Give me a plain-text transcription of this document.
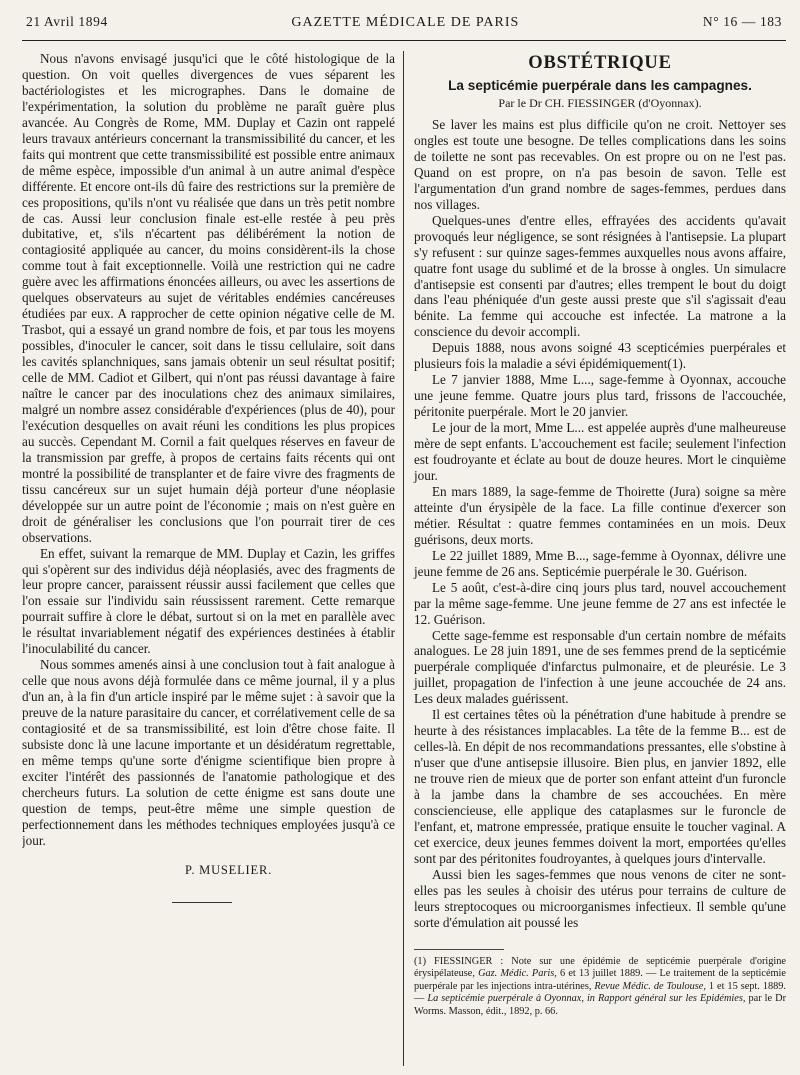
21 Avril 1894	GAZETTE MÉDICALE DE PARIS	N° 16 — 183

Nous n'avons envisagé jusqu'ici que le côté histologique de la question. On voit quelles divergences de vues séparent les bactériologistes et les micrographes. Dans le domaine de l'expérimentation, la solution du problème ne paraît guère plus avancée. Au Congrès de Rome, MM. Duplay et Cazin ont rappelé leurs travaux antérieurs concernant la transmissibilité du cancer, et les faits qui montrent que cette transmissibilité est possible entre animaux de même espèce, impossible d'un animal à un autre animal d'espèce différente. Et encore ont-ils dû faire des restrictions sur la première de ces propositions, qu'ils n'ont vu réalisée que dans un très petit nombre de cas. Aussi leur conclusion finale est-elle restée à peu près dubitative, et, s'ils n'écartent pas délibérément la notion de contagiosité appliquée au cancer, du moins considèrent-ils la chose comme tout à fait exceptionnelle. Voilà une restriction qui ne cadre guère avec les affirmations énoncées ailleurs, ou avec les assertions de quelques observateurs au sujet de véritables endémies cancéreuses étudiées par eux. A rapprocher de cette opinion négative celle de M. Trasbot, qui a essayé un grand nombre de fois, et par tous les moyens possibles, d'inoculer le cancer, soit dans le tissu cellulaire, soit dans les cavités splanchniques, sans jamais obtenir un seul résultat positif; celle de MM. Cadiot et Gilbert, qui n'ont pas réussi davantage à faire naître le cancer par des inoculations chez des animaux similaires, malgré un nombre assez considérable d'expériences (plus de 40), pour l'exécution desquelles on avait réuni les conditions les plus propices au succès. Cependant M. Cornil a fait quelques réserves en faveur de la transmission par greffe, à propos de certains faits récents qui ont montré la possibilité de transplanter et de faire vivre des fragments de tissu cancéreux sur un sujet humain déjà porteur d'une néoplasie développée sur un autre point de l'économie ; mais on n'est guère en droit de généraliser les conclusions que l'on pourrait tirer de ces observations.

En effet, suivant la remarque de MM. Duplay et Cazin, les griffes qui s'opèrent sur des individus déjà néoplasiés, avec des fragments de leur propre cancer, paraissent réussir aussi facilement que celles que l'on essaie sur l'individu sain réussissent rarement. Cette remarque pourrait suffire à clore le débat, surtout si on la met en parallèle avec le résultat invariablement négatif des expériences destinées à établir l'inoculabilité du cancer.

Nous sommes amenés ainsi à une conclusion tout à fait analogue à celle que nous avons déjà formulée dans ce même journal, il y a plus d'un an, à la fin d'un article inspiré par le même sujet : à savoir que la preuve de la nature parasitaire du cancer, et corrélativement celle de sa contagiosité et de sa transmissibilité, est loin d'être chose faite. Il subsiste donc là une lacune importante et un désidératum regrettable, en même temps qu'une sorte d'énigme scientifique bien propre à exciter l'intérêt des passionnés de l'anatomie pathologique et des chercheurs futurs. La solution de cette énigme est sans doute une question de temps, peut-être même une simple question de perfectionnement dans les méthodes techniques employées jusqu'à ce jour.

P. MUSELIER.
OBSTÉTRIQUE
La septicémie puerpérale dans les campagnes.
Par le Dr CH. FIESSINGER (d'Oyonnax).

Se laver les mains est plus difficile qu'on ne croit. Nettoyer ses ongles est toute une besogne. De telles complications dans les soins de toilette ne sont pas recevables. On est propre ou on ne l'est pas. Quand on est propre, on n'a pas besoin de savon. Telle est l'argumentation d'un grand nombre de sages-femmes, perdues dans nos villages.

Quelques-unes d'entre elles, effrayées des accidents qu'avait provoqués leur négligence, se sont résignées à l'antisepsie. La plupart s'y refusent : sur quinze sages-femmes auxquelles nous avons affaire, quatre font usage du sublimé et de la brosse à ongles. Un simulacre d'antisepsie est consenti par d'autres; elles trempent le bout du doigt dans l'eau phéniquée d'un geste aussi preste que s'il s'agissait d'eau bénite. La femme qui accouche est infectée. La matrone a la conscience du devoir accompli.

Depuis 1888, nous avons soigné 43 scepticémies puerpérales et plusieurs fois la maladie a sévi épidémiquement(1).

Le 7 janvier 1888, Mme L..., sage-femme à Oyonnax, accouche une jeune femme. Quatre jours plus tard, frissons de l'accouchée, péritonite puerpérale. Mort le 20 janvier.

Le jour de la mort, Mme L... est appelée auprès d'une malheureuse mère de sept enfants. L'accouchement est facile; seulement l'infection est foudroyante et éclate au bout de douze heures. Mort le cinquième jour.

En mars 1889, la sage-femme de Thoirette (Jura) soigne sa mère atteinte d'un érysipèle de la face. La fille continue d'exercer son métier. Résultat : quatre femmes contaminées en un mois. Deux guérisons, deux morts.

Le 22 juillet 1889, Mme B..., sage-femme à Oyonnax, délivre une jeune femme de 26 ans. Septicémie puerpérale le 30. Guérison.

Le 5 août, c'est-à-dire cinq jours plus tard, nouvel accouchement par la même sage-femme. Une jeune femme de 27 ans est infectée le 12. Guérison.

Cette sage-femme est responsable d'un certain nombre de méfaits analogues. Le 28 juin 1891, une de ses femmes prend de la septicémie puerpérale compliquée d'infarctus pulmonaire, et de pleurésie. Le 3 juillet, propagation de l'infection à une jeune accouchée de 24 ans. Les deux malades guérissent.

Il est certaines têtes où la pénétration d'une habitude à prendre se heurte à des résistances implacables. La tête de la femme B... est de celles-là. En dépit de nos recommandations pressantes, elle s'obstine à n'user que d'une antisepsie illusoire. Bien plus, en janvier 1892, elle ne trouve rien de mieux que de porter son enfant atteint d'un furoncle à la jambe dans la chambre de ses accouchées. En mère consciencieuse, elle applique des cataplasmes sur le furoncle de l'enfant, et, matrone empressée, pratique ensuite le toucher vaginal. A cet exercice, deux jeunes femmes doivent la mort, emportées qu'elles sont par des péritonites foudroyantes, à quelques jours d'intervalle.

Aussi bien les sages-femmes que nous venons de citer ne sont-elles pas les seules à choisir des utérus pour terrains de culture de leurs streptocoques ou microorganismes infectieux. Il semble qu'une sorte d'émulation ait poussé les

(1) FIESSINGER : Note sur une épidémie de septicémie puerpérale d'origine érysipélateuse, Gaz. Médic. Paris, 6 et 13 juillet 1889. — Le traitement de la septicémie puerpérale par les injections intra-utérines, Revue Médic. de Toulouse, 1 et 15 sept. 1889. — La septicémie puerpérale à Oyonnax, in Rapport général sur les Epidémies, par le Dr Worms. Masson, édit., 1892, p. 66.
